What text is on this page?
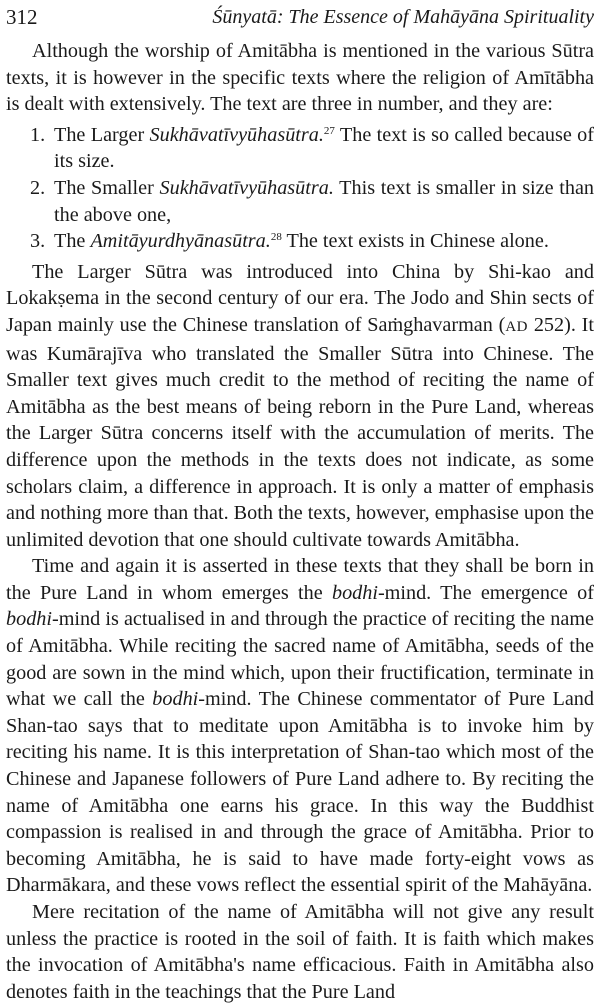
312	Śūnyatā: The Essence of Mahāyāna Spirituality

Although the worship of Amitābha is mentioned in the various Sūtra texts, it is however in the specific texts where the religion of Amītābha is dealt with extensively. The text are three in number, and they are:

1. The Larger Sukhāvatīvyūhasūtra.$^{27}$ The text is so called because of its size.
2. The Smaller Sukhāvatīvyūhasūtra. This text is smaller in size than the above one,
3. The Amitāyurdhyānasūtra.$^{28}$ The text exists in Chinese alone.

The Larger Sūtra was introduced into China by Shi-kao and Lokakṣema in the second century of our era. The Jodo and Shin sects of Japan mainly use the Chinese translation of Saṁghavarman (AD 252). It was Kumārajīva who translated the Smaller Sūtra into Chinese. The Smaller text gives much credit to the method of reciting the name of Amitābha as the best means of being reborn in the Pure Land, whereas the Larger Sūtra concerns itself with the accumulation of merits. The difference upon the methods in the texts does not indicate, as some scholars claim, a difference in approach. It is only a matter of emphasis and nothing more than that. Both the texts, however, emphasise upon the unlimited devotion that one should cultivate towards Amitābha.

Time and again it is asserted in these texts that they shall be born in the Pure Land in whom emerges the bodhi-mind. The emergence of bodhi-mind is actualised in and through the practice of reciting the name of Amitābha. While reciting the sacred name of Amitābha, seeds of the good are sown in the mind which, upon their fructification, terminate in what we call the bodhi-mind. The Chinese commentator of Pure Land Shan-tao says that to meditate upon Amitābha is to invoke him by reciting his name. It is this interpretation of Shan-tao which most of the Chinese and Japanese followers of Pure Land adhere to. By reciting the name of Amitābha one earns his grace. In this way the Buddhist compassion is realised in and through the grace of Amitābha. Prior to becoming Amitābha, he is said to have made forty-eight vows as Dharmākara, and these vows reflect the essential spirit of the Mahāyāna.

Mere recitation of the name of Amitābha will not give any result unless the practice is rooted in the soil of faith. It is faith which makes the invocation of Amitābha's name efficacious. Faith in Amitābha also denotes faith in the teachings that the Pure Land
